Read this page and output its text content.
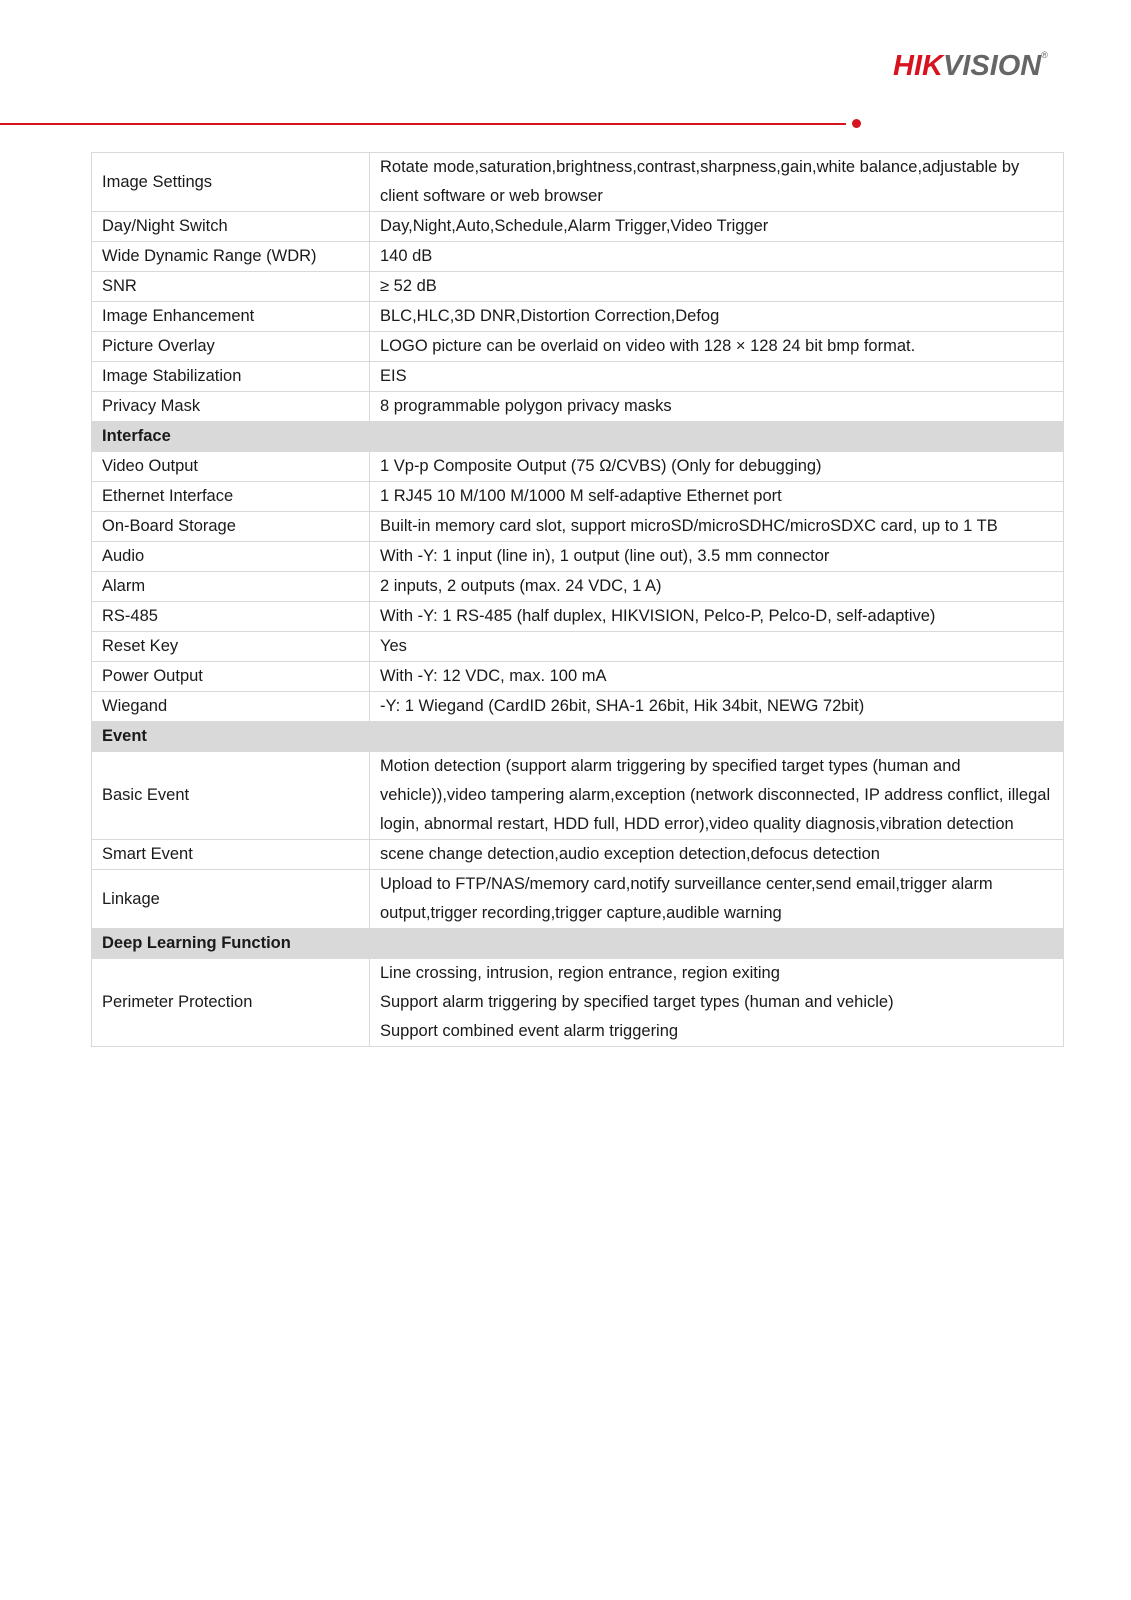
HIKVISION®
Image Settings	Rotate mode,saturation,brightness,contrast,sharpness,gain,white balance,adjustable by client software or web browser

Day/Night Switch	Day,Night,Auto,Schedule,Alarm Trigger,Video Trigger

Wide Dynamic Range (WDR)	140 dB

SNR	≥ 52 dB

Image Enhancement	BLC,HLC,3D DNR,Distortion Correction,Defog

Picture Overlay	LOGO picture can be overlaid on video with 128 × 128 24 bit bmp format.

Image Stabilization	EIS

Privacy Mask	8 programmable polygon privacy masks

Interface	
Video Output	1 Vp-p Composite Output (75 Ω/CVBS) (Only for debugging)

Ethernet Interface	1 RJ45 10 M/100 M/1000 M self-adaptive Ethernet port

On-Board Storage	Built-in memory card slot, support microSD/microSDHC/microSDXC card, up to 1 TB

Audio	With -Y: 1 input (line in), 1 output (line out), 3.5 mm connector

Alarm	2 inputs, 2 outputs (max. 24 VDC, 1 A)

RS-485	With -Y: 1 RS-485 (half duplex, HIKVISION, Pelco-P, Pelco-D, self-adaptive)

Reset Key	Yes

Power Output	With -Y: 12 VDC, max. 100 mA

Wiegand	-Y: 1 Wiegand (CardID 26bit, SHA-1 26bit, Hik 34bit, NEWG 72bit)

Event	
Basic Event	Motion detection (support alarm triggering by specified target types (human and vehicle)),video tampering alarm,exception (network disconnected, IP address conflict, illegal login, abnormal restart, HDD full, HDD error),video quality diagnosis,vibration detection

Smart Event	scene change detection,audio exception detection,defocus detection

Linkage	Upload to FTP/NAS/memory card,notify surveillance center,send email,trigger alarm output,trigger recording,trigger capture,audible warning

Deep Learning Function	
Perimeter Protection	Line crossing, intrusion, region entrance, region exiting
Support alarm triggering by specified target types (human and vehicle)
Support combined event alarm triggering
